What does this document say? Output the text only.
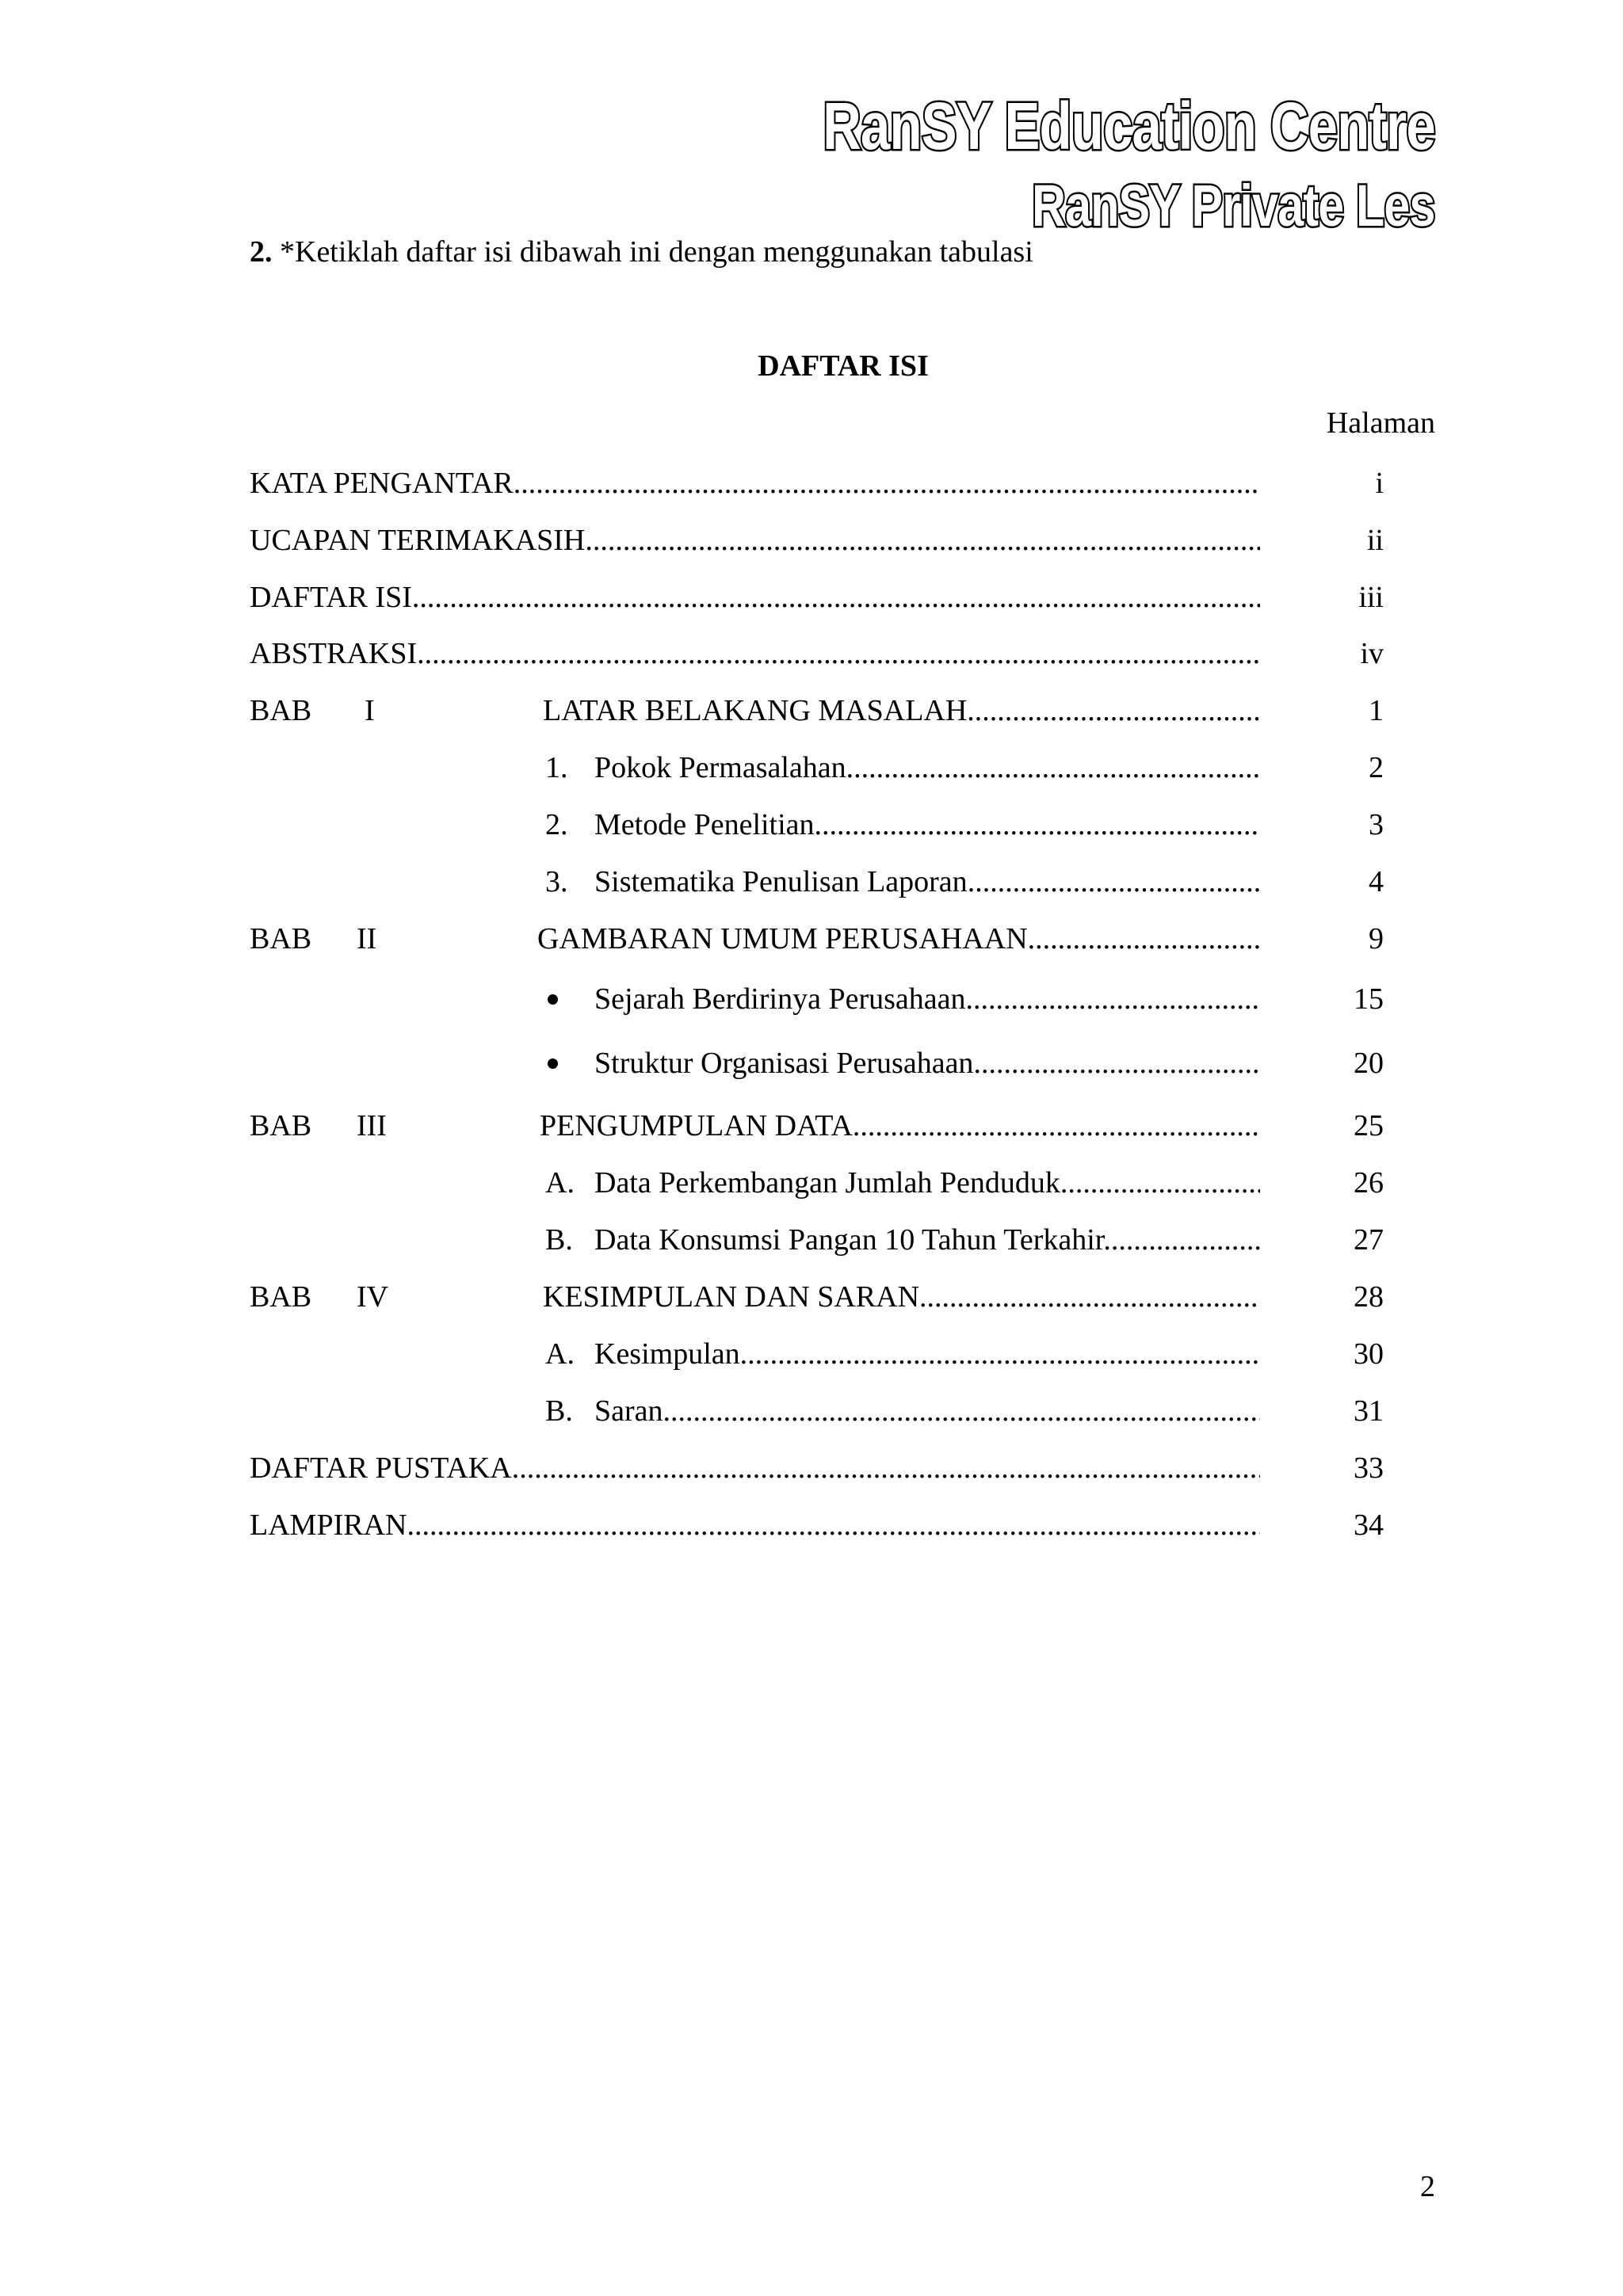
RanSY Education Centre
RanSY Private Les
2. *Ketiklah daftar isi dibawah ini dengan menggunakan tabulasi
DAFTAR ISI
Halaman
KATA PENGANTAR .....	i
UCAPAN TERIMAKASIH .....	ii
DAFTAR ISI .....	iii
ABSTRAKSI .....	iv
BAB I	LATAR BELAKANG MASALAH .....	1
1. Pokok Permasalahan .....	2
2. Metode Penelitian .....	3
3. Sistematika Penulisan Laporan .....	4
BAB II	GAMBARAN UMUM PERUSAHAAN .....	9
Sejarah Berdirinya Perusahaan .....	15
Struktur Organisasi Perusahaan .....	20
BAB III	PENGUMPULAN DATA .....	25
A. Data Perkembangan Jumlah Penduduk .....	26
B. Data Konsumsi Pangan 10 Tahun Terkahir .....	27
BAB IV	KESIMPULAN DAN SARAN .....	28
A. Kesimpulan .....	30
B. Saran .....	31
DAFTAR PUSTAKA .....	33
LAMPIRAN .....	34
2
